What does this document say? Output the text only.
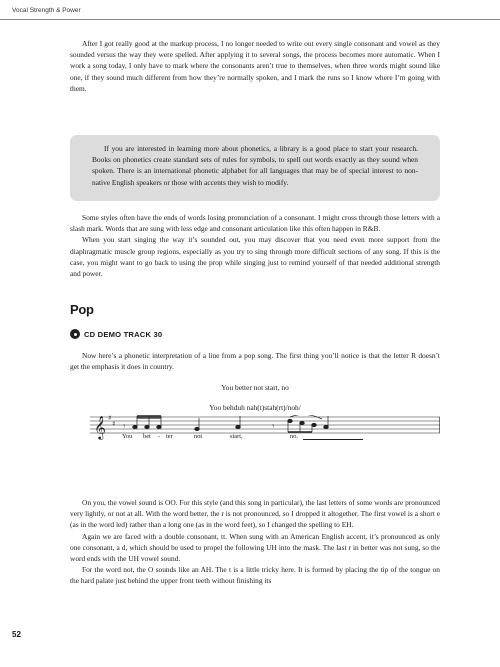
Vocal Strength & Power

After I got really good at the markup process, I no longer needed to write out every single consonant and vowel as they sounded versus the way they were spelled. After applying it to several songs, the process becomes more automatic. When I work a song today, I only have to mark where the consonants aren’t true to themselves, when three words might sound like one, if they sound much different from how they’re normally spoken, and I mark the runs so I know where I’m going with them.

If you are interested in learning more about phonetics, a library is a good place to start your research. Books on phonetics create standard sets of rules for symbols, to spell out words exactly as they sound when spoken. There is an international phonetic alphabet for all languages that may be of special interest to non-native English speakers or those with accents they wish to modify.

Some styles often have the ends of words losing pronunciation of a consonant. I might cross through those letters with a slash mark. Words that are sung with less edge and consonant articulation like this often happen in R&B.

When you start singing the way it’s sounded out, you may discover that you need even more support from the diaphragmatic muscle group regions, especially as you try to sing through more difficult sections of any song. If this is the case, you might want to go back to using the prop while singing just to remind yourself of that needed additional strength and power.

Pop
CD DEMO TRACK 30

Now here’s a phonetic interpretation of a line from a pop song. The first thing you’ll notice is that the letter R doesn’t get the emphasis it does in country.

You better not start, no
Yoo behduh nah(t)stah(rt)/noh/
𝄞 ♯
♯ 𝄾	𝄾
You bet - ter	not	start,	no.

On you, the vowel sound is OO. For this style (and this song in particular), the last letters of some words are pronounced very lightly, or not at all. With the word better, the r is not pronounced, so I dropped it altogether. The first vowel is a short e (as in the word led) rather than a long one (as in the word feet), so I changed the spelling to EH.

Again we are faced with a double consonant, tt. When sung with an American English accent, it’s pronounced as only one consonant, a d, which should be used to propel the following UH into the mask. The last r in better was not sung, so the word ends with the UH vowel sound.

For the word not, the O sounds like an AH. The t is a little tricky here. It is formed by placing the tip of the tongue on the hard palate just behind the upper front teeth without finishing its

52
